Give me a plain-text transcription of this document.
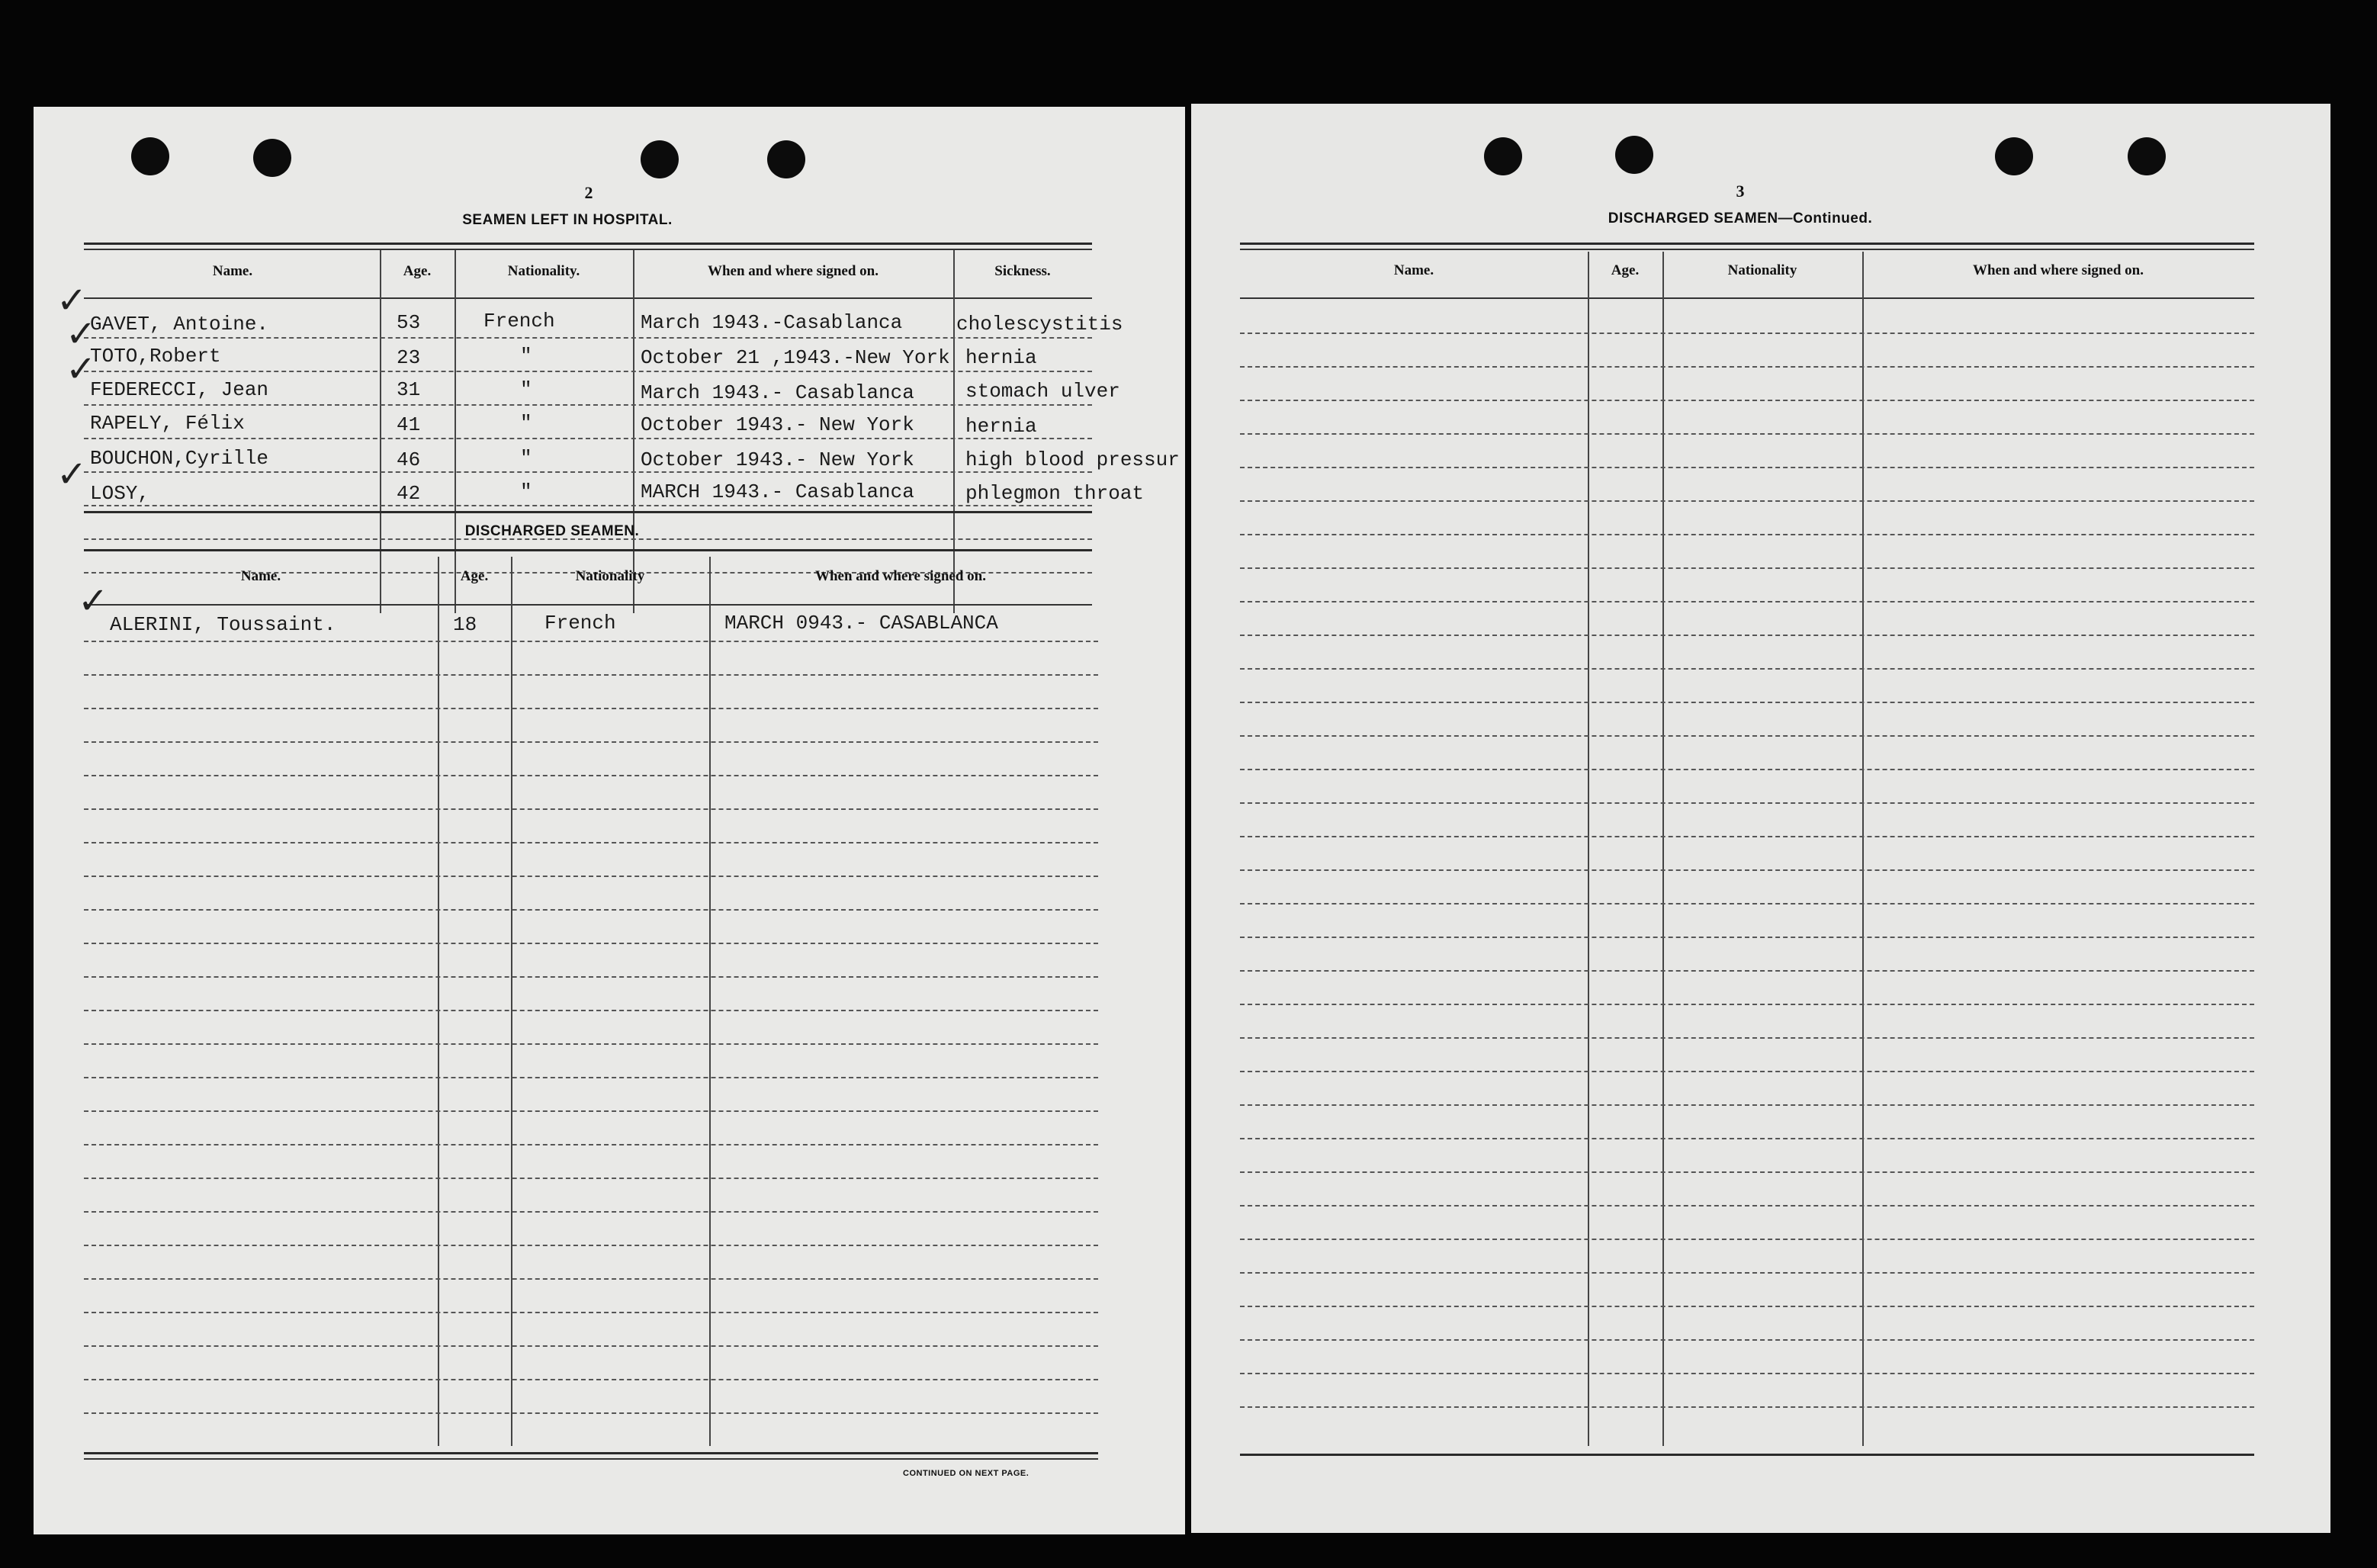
2
SEAMEN LEFT IN HOSPITAL.
Name.	Age.	Nationality.	When and where signed on.	Sickness.
✓
✓
✓
✓
GAVET, Antoine.	53	French	March 1943.-Casablanca	cholescystitis
TOTO,Robert	23	"	October 21 ,1943.-New York hernia
FEDERECCI, Jean	31	"	March 1943.- Casablanca	stomach ulver
RAPELY, Félix	41	"	October 1943.- New York	hernia
BOUCHON,Cyrille	46	"	October 1943.- New York	high blood pressur
LOSY,	42	"	MARCH 1943.- Casablanca	phlegmon throat
DISCHARGED SEAMEN.
Name.	Age.	Nationality	When and where signed on.
✓
ALERINI, Toussaint.	18	French	MARCH 0943.- CASABLANCA
CONTINUED ON NEXT PAGE.
3
DISCHARGED SEAMEN—Continued.
Name.	Age.	Nationality	When and where signed on.
